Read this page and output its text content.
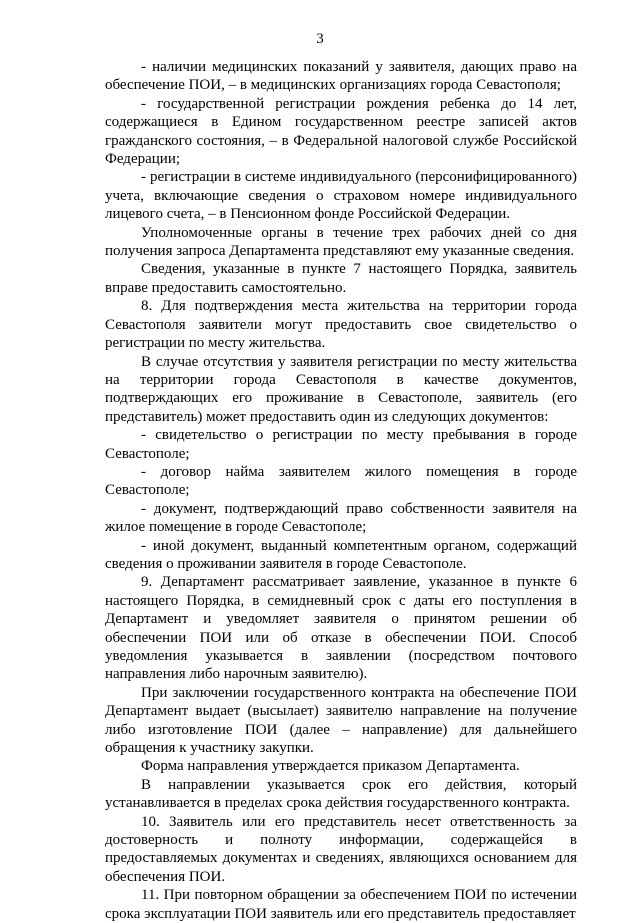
3

- наличии медицинских показаний у заявителя, дающих право на обеспечение ПОИ, – в медицинских организациях города Севастополя;

- государственной регистрации рождения ребенка до 14 лет, содержащиеся в Едином государственном реестре записей актов гражданского состояния, – в Федеральной налоговой службе Российской Федерации;

- регистрации в системе индивидуального (персонифицированного) учета, включающие сведения о страховом номере индивидуального лицевого счета, – в Пенсионном фонде Российской Федерации.

Уполномоченные органы в течение трех рабочих дней со дня получения запроса Департамента представляют ему указанные сведения.

Сведения, указанные в пункте 7 настоящего Порядка, заявитель вправе предоставить самостоятельно.

8. Для подтверждения места жительства на территории города Севастополя заявители могут предоставить свое свидетельство о регистрации по месту жительства.

В случае отсутствия у заявителя регистрации по месту жительства на территории города Севастополя в качестве документов, подтверждающих его проживание в Севастополе, заявитель (его представитель) может предоставить один из следующих документов:

- свидетельство о регистрации по месту пребывания в городе Севастополе;

- договор найма заявителем жилого помещения в городе Севастополе;

- документ, подтверждающий право собственности заявителя на жилое помещение в городе Севастополе;

- иной документ, выданный компетентным органом, содержащий сведения о проживании заявителя в городе Севастополе.

9. Департамент рассматривает заявление, указанное в пункте 6 настоящего Порядка, в семидневный срок с даты его поступления в Департамент и уведомляет заявителя о принятом решении об обеспечении ПОИ или об отказе в обеспечении ПОИ. Способ уведомления указывается в заявлении (посредством почтового направления либо нарочным заявителю).

При заключении государственного контракта на обеспечение ПОИ Департамент выдает (высылает) заявителю направление на получение либо изготовление ПОИ (далее – направление) для дальнейшего обращения к участнику закупки.

Форма направления утверждается приказом Департамента.

В направлении указывается срок его действия, который устанавливается в пределах срока действия государственного контракта.

10. Заявитель или его представитель несет ответственность за достоверность и полноту информации, содержащейся в предоставляемых документах и сведениях, являющихся основанием для обеспечения ПОИ.

11. При повторном обращении за обеспечением ПОИ по истечении срока эксплуатации ПОИ заявитель или его представитель предоставляет
